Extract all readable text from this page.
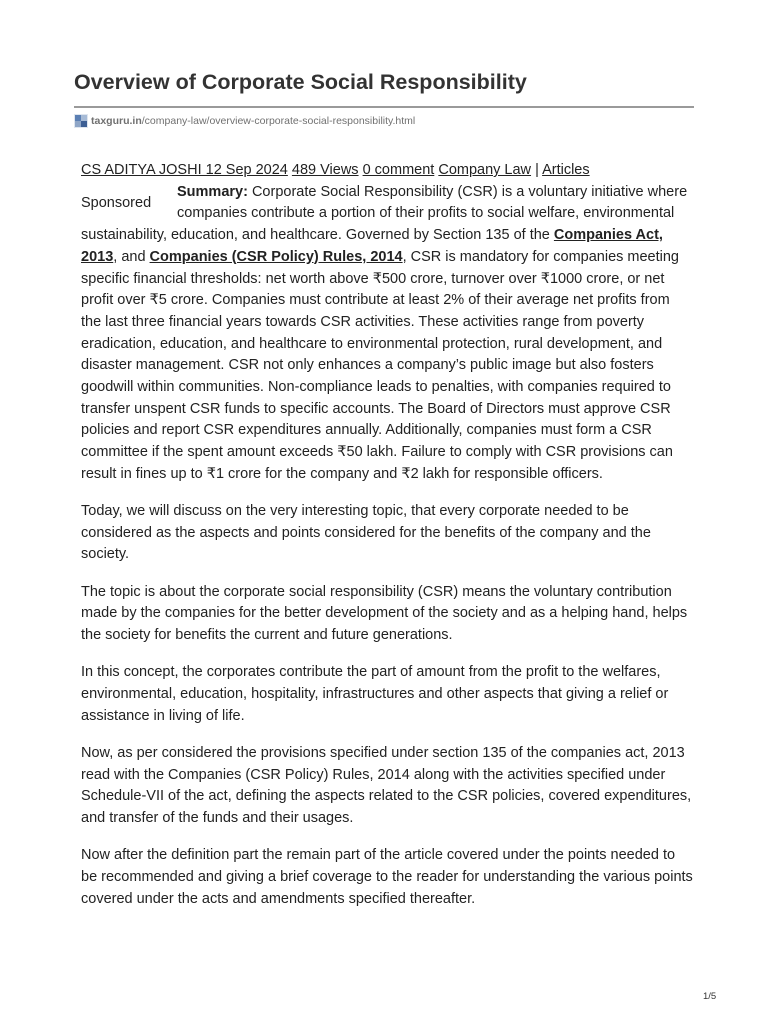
Overview of Corporate Social Responsibility
taxguru.in /company-law/overview-corporate-social-responsibility.html

CS ADITYA JOSHI 12 Sep 2024 489 Views 0 comment Company Law | Articles

Sponsored

Summary: Corporate Social Responsibility (CSR) is a voluntary initiative where companies contribute a portion of their profits to social welfare, environmental sustainability, education, and healthcare. Governed by Section 135 of the Companies Act, 2013, and Companies (CSR Policy) Rules, 2014, CSR is mandatory for companies meeting specific financial thresholds: net worth above ₹500 crore, turnover over ₹1000 crore, or net profit over ₹5 crore. Companies must contribute at least 2% of their average net profits from the last three financial years towards CSR activities. These activities range from poverty eradication, education, and healthcare to environmental protection, rural development, and disaster management. CSR not only enhances a company’s public image but also fosters goodwill within communities. Non-compliance leads to penalties, with companies required to transfer unspent CSR funds to specific accounts. The Board of Directors must approve CSR policies and report CSR expenditures annually. Additionally, companies must form a CSR committee if the spent amount exceeds ₹50 lakh. Failure to comply with CSR provisions can result in fines up to ₹1 crore for the company and ₹2 lakh for responsible officers.

Today, we will discuss on the very interesting topic, that every corporate needed to be considered as the aspects and points considered for the benefits of the company and the society.

The topic is about the corporate social responsibility (CSR) means the voluntary contribution made by the companies for the better development of the society and as a helping hand, helps the society for benefits the current and future generations.

In this concept, the corporates contribute the part of amount from the profit to the welfares, environmental, education, hospitality, infrastructures and other aspects that giving a relief or assistance in living of life.

Now, as per considered the provisions specified under section 135 of the companies act, 2013 read with the Companies (CSR Policy) Rules, 2014 along with the activities specified under Schedule-VII of the act, defining the aspects related to the CSR policies, covered expenditures, and transfer of the funds and their usages.

Now after the definition part the remain part of the article covered under the points needed to be recommended and giving a brief coverage to the reader for understanding the various points covered under the acts and amendments specified thereafter.

1/5
